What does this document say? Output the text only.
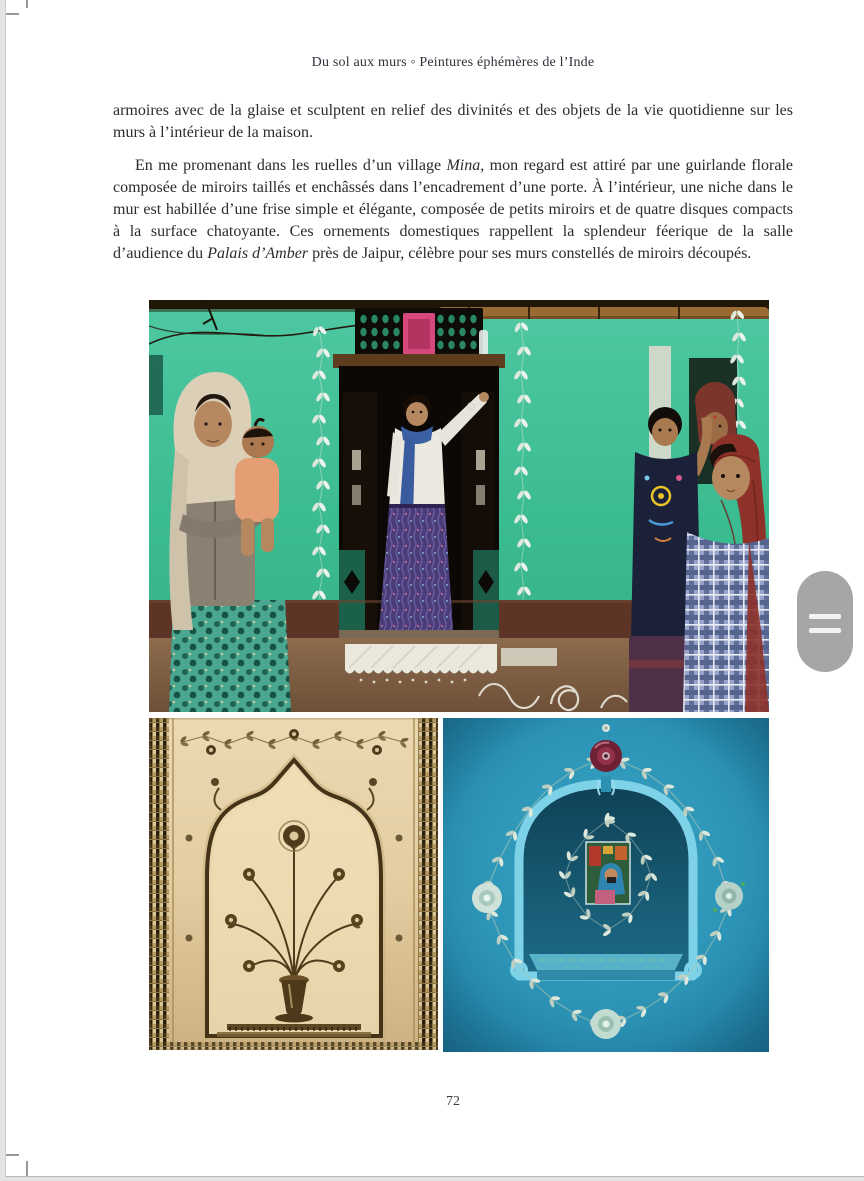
Du sol aux murs ◦ Peintures éphémères de l’Inde

armoires avec de la glaise et sculptent en relief des divinités et des objets de la vie quotidienne sur les murs à l’intérieur de la maison.

En me promenant dans les ruelles d’un village Mina, mon regard est attiré par une guirlande florale composée de miroirs taillés et enchâssés dans l’encadrement d’une porte. À l’intérieur, une niche dans le mur est habillée d’une frise simple et élégante, composée de petits miroirs et de quatre disques compacts à la surface chatoyante. Ces ornements domestiques rappellent la splendeur féerique de la salle d’audience du Palais d’Amber près de Jaipur, célèbre pour ses murs constellés de miroirs découpés.

72
